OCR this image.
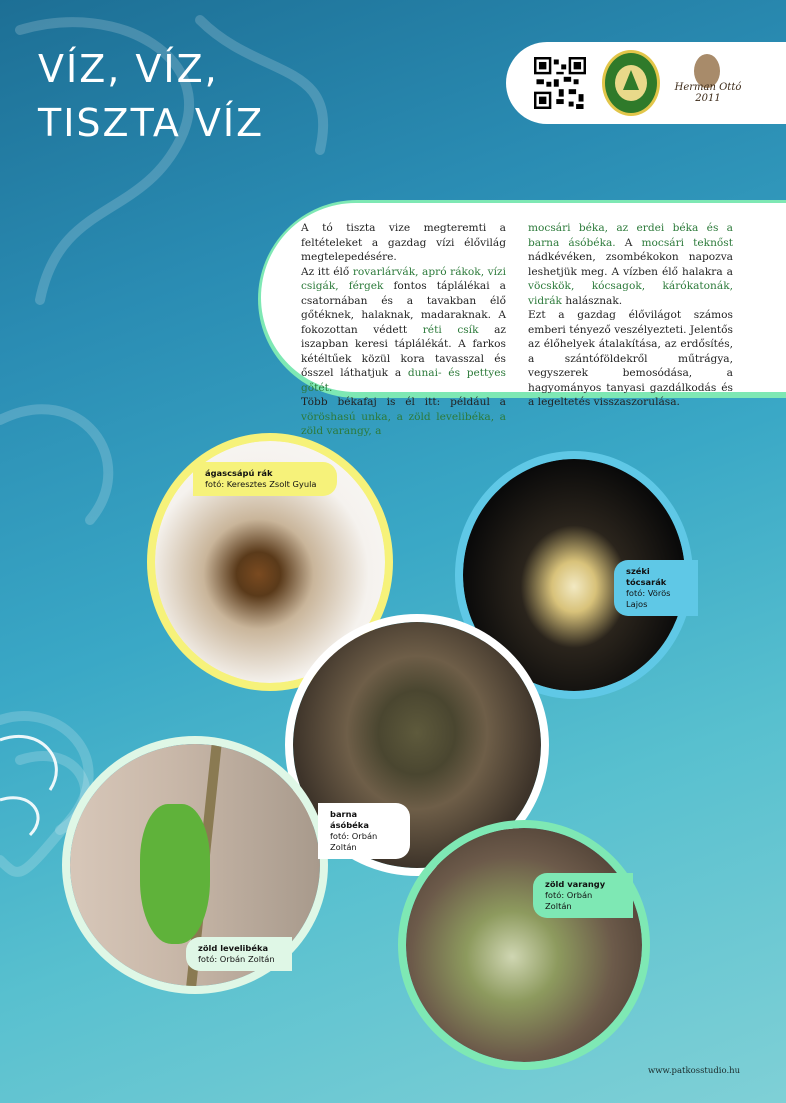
VÍZ, VÍZ,
TISZTA VÍZ
Herman Ottó 2011

A tó tiszta vize megteremti a feltételeket a gazdag vízi élővilág megtelepedésére.

Az itt élő rovarlárvák, apró rákok, vízi csigák, férgek fontos táplálékai a csatornában és a tavakban élő gőtéknek, halaknak, madaraknak. A fokozottan védett réti csík az iszapban keresi táplálékát. A farkos kétéltűek közül kora tavasszal és ősszel láthatjuk a dunai- és pettyes gőtét.

Több békafaj is él itt: például a vöröshasú unka, a zöld levelibéka, a zöld varangy, a

mocsári béka, az erdei béka és a barna ásóbéka. A mocsári teknőst nádkévéken, zsombékokon napozva leshetjük meg. A vízben élő halakra a vöcskök, kócsagok, kárókatonák, vidrák halásznak.

Ezt a gazdag élővilágot számos emberi tényező veszélyezteti. Jelentős az élőhelyek átalakítása, az erdősítés, a szántóföldekről műtrágya, vegyszerek bemosódása, a hagyományos tanyasi gazdálkodás és a legeltetés visszaszorulása.

ágascsápú rák
fotó: Keresztes Zsolt Gyula
széki tócsarák
fotó: Vörös Lajos
barna ásóbéka
fotó: Orbán Zoltán
zöld levelibéka
fotó: Orbán Zoltán
zöld varangy
fotó: Orbán Zoltán
www.patkosstudio.hu
